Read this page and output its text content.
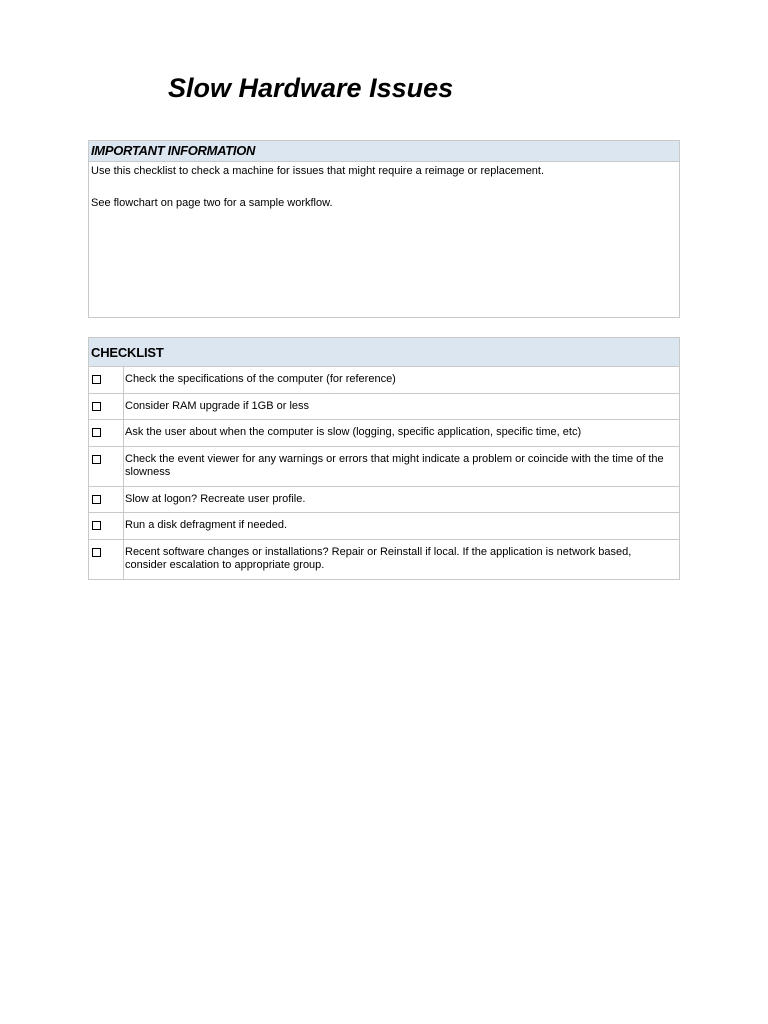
Slow Hardware Issues
IMPORTANT INFORMATION

Use this checklist to check a machine for issues that might require a reimage or replacement.

See flowchart on page two for a sample workflow.

CHECKLIST	
	Check the specifications of the computer (for reference)
	Consider RAM upgrade if 1GB or less
	Ask the user about when the computer is slow (logging, specific application, specific time, etc)
	Check the event viewer for any warnings or errors that might indicate a problem or coincide with the time of the slowness
	Slow at logon? Recreate user profile.
	Run a disk defragment if needed.
	Recent software changes or installations? Repair or Reinstall if local. If the application is network based, consider escalation to appropriate group.
